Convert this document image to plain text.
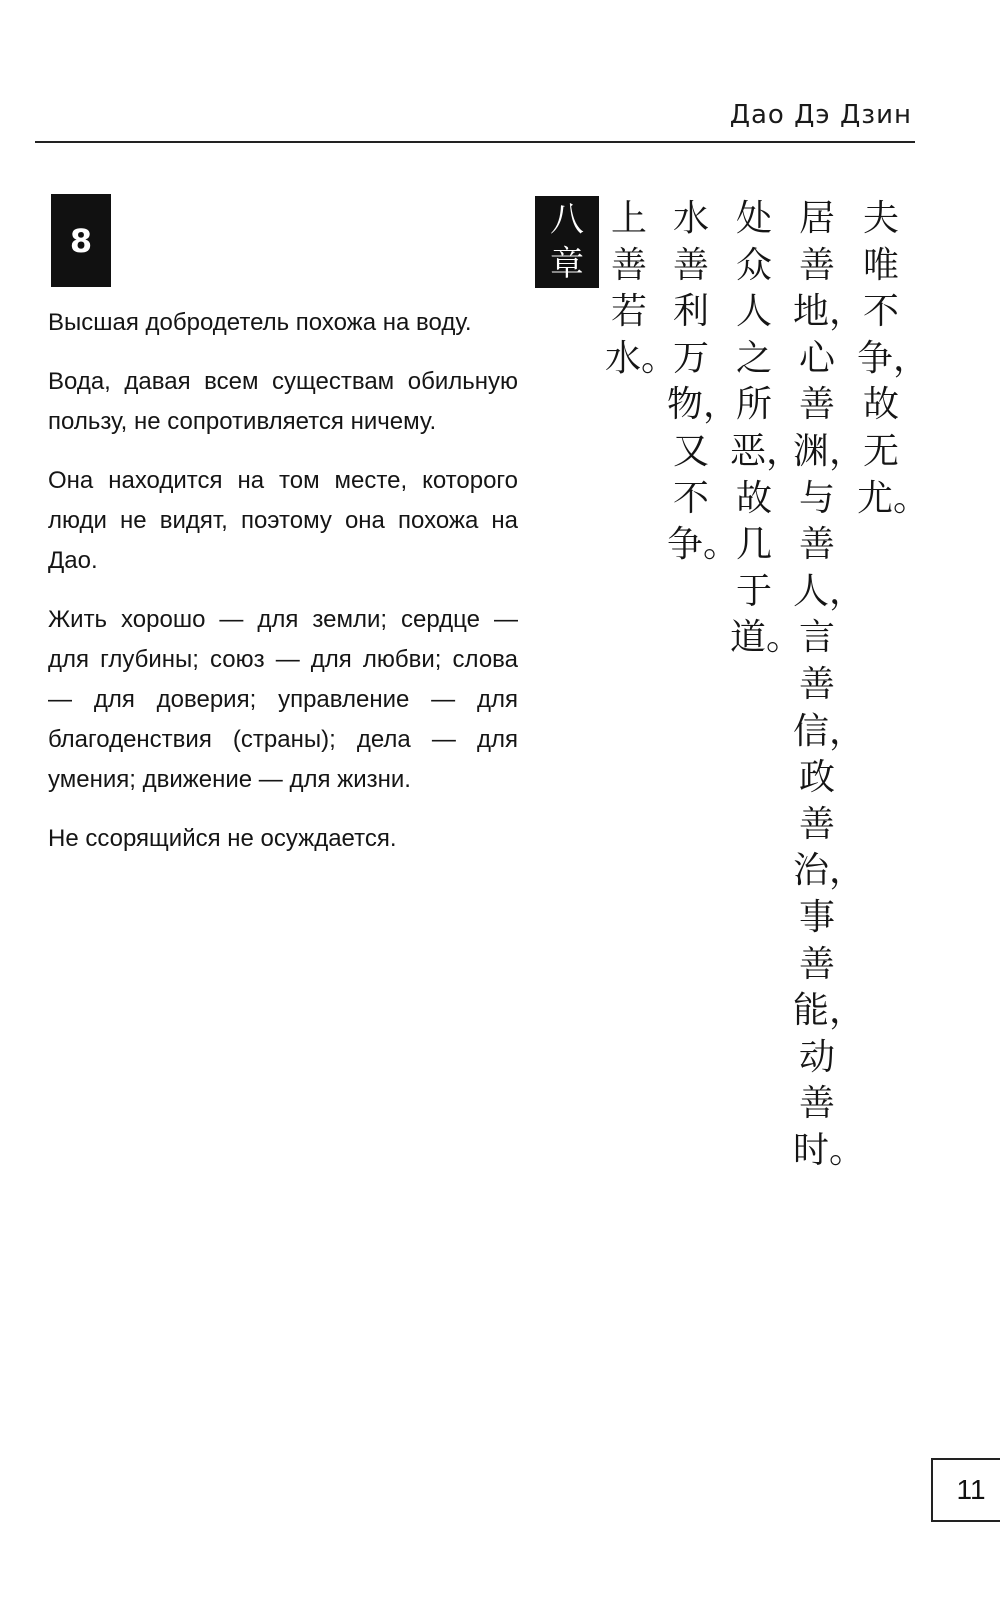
Дао Дэ Дзин
8

Высшая добродетель похожа на воду.

Вода, давая всем существам обильную пользу, не сопротивляется ничему.

Она находится на том месте, которого люди не видят, поэтому она похожа на Дао.

Жить хорошо — для земли; сердце — для глубины; союз — для любви; слова — для доверия; управление — для благоденствия (страны); дела — для умения; движение — для жизни.

Не ссорящийся не осуждается.

八章
夫唯不争，故无尤。
居善地，心善渊，与善人，言善信，政善治，事善能，动善时。
处众人之所恶，故几于道。
水善利万物，又不争。
上善若水。
11
